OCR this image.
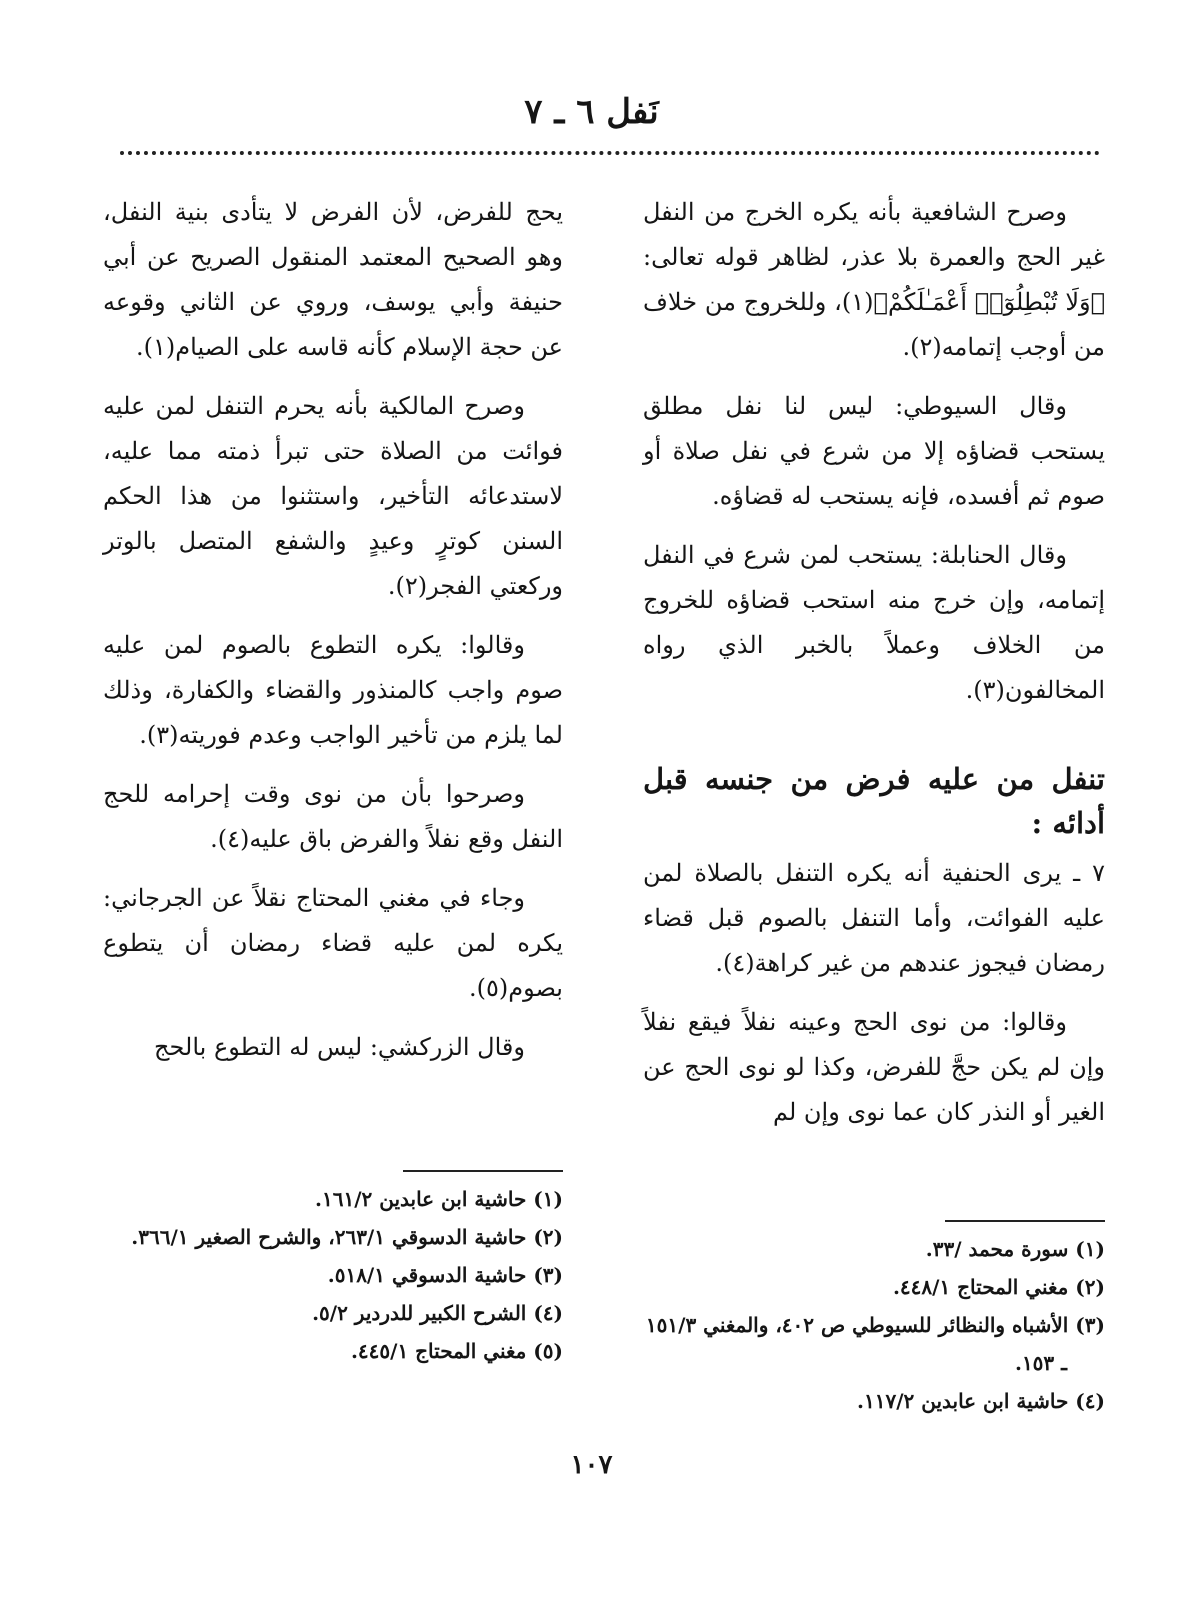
نَفل ٦ ـ ٧

وصرح الشافعية بأنه يكره الخرج من النفل غير الحج والعمرة بلا عذر، لظاهر قوله تعالى: ﴿وَلَا تُبْطِلُوٓا۟ أَعْمَـٰلَكُمْ﴾(١)، وللخروج من خلاف من أوجب إتمامه(٢).

وقال السيوطي: ليس لنا نفل مطلق يستحب قضاؤه إلا من شرع في نفل صلاة أو صوم ثم أفسده، فإنه يستحب له قضاؤه.

وقال الحنابلة: يستحب لمن شرع في النفل إتمامه، وإن خرج منه استحب قضاؤه للخروج من الخلاف وعملاً بالخبر الذي رواه المخالفون(٣).

تنفل من عليه فرض من جنسه قبل أدائه :

٧ ـ يرى الحنفية أنه يكره التنفل بالصلاة لمن عليه الفوائت، وأما التنفل بالصوم قبل قضاء رمضان فيجوز عندهم من غير كراهة(٤).

وقالوا: من نوى الحج وعينه نفلاً فيقع نفلاً وإن لم يكن حجَّ للفرض، وكذا لو نوى الحج عن الغير أو النذر كان عما نوى وإن لم

يحج للفرض، لأن الفرض لا يتأدى بنية النفل، وهو الصحيح المعتمد المنقول الصريح عن أبي حنيفة وأبي يوسف، وروي عن الثاني وقوعه عن حجة الإسلام كأنه قاسه على الصيام(١).

وصرح المالكية بأنه يحرم التنفل لمن عليه فوائت من الصلاة حتى تبرأ ذمته مما عليه، لاستدعائه التأخير، واستثنوا من هذا الحكم السنن كوترٍ وعيدٍ والشفع المتصل بالوتر وركعتي الفجر(٢).

وقالوا: يكره التطوع بالصوم لمن عليه صوم واجب كالمنذور والقضاء والكفارة، وذلك لما يلزم من تأخير الواجب وعدم فوريته(٣).

وصرحوا بأن من نوى وقت إحرامه للحج النفل وقع نفلاً والفرض باق عليه(٤).

وجاء في مغني المحتاج نقلاً عن الجرجاني: يكره لمن عليه قضاء رمضان أن يتطوع بصوم(٥).

وقال الزركشي: ليس له التطوع بالحج

(١) سورة محمد /٣٣.
(٢) مغني المحتاج ٤٤٨/١.
(٣) الأشباه والنظائر للسيوطي ص ٤٠٢، والمغني ١٥١/٣ ـ ١٥٣.
(٤) حاشية ابن عابدين ١١٧/٢.
(١) حاشية ابن عابدين ١٦١/٢.
(٢) حاشية الدسوقي ٢٦٣/١، والشرح الصغير ٣٦٦/١.
(٣) حاشية الدسوقي ٥١٨/١.
(٤) الشرح الكبير للدردير ٥/٢.
(٥) مغني المحتاج ٤٤٥/١.
١٠٧
